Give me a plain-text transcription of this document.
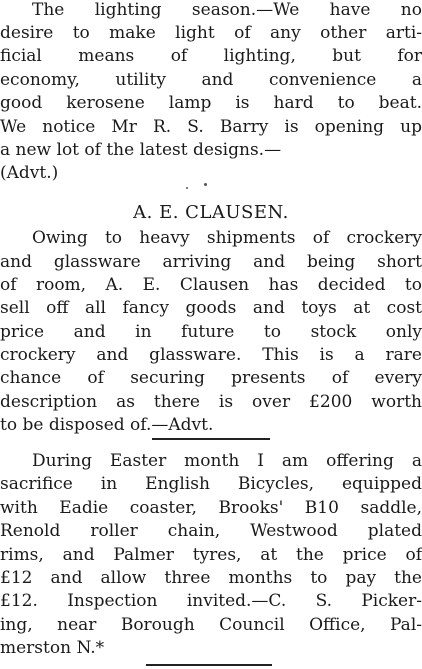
The lighting season.—We have no
desire to make light of any other arti-
ficial means of lighting, but for
economy, utility and convenience a
good kerosene lamp is hard to beat.
We notice Mr R. S. Barry is opening up
a new lot of the latest designs.—
(Advt.)
A. E. CLAUSEN.
Owing to heavy shipments of crockery
and glassware arriving and being short
of room, A. E. Clausen has decided to
sell off all fancy goods and toys at cost
price and in future to stock only
crockery and glassware. This is a rare
chance of securing presents of every
description as there is over £200 worth
to be disposed of.—Advt.
During Easter month I am offering a
sacrifice in English Bicycles, equipped
with Eadie coaster, Brooks' B10 saddle,
Renold roller chain, Westwood plated
rims, and Palmer tyres, at the price of
£12 and allow three months to pay the
£12. Inspection invited.—C. S. Picker-
ing, near Borough Council Office, Pal-
merston N.*
